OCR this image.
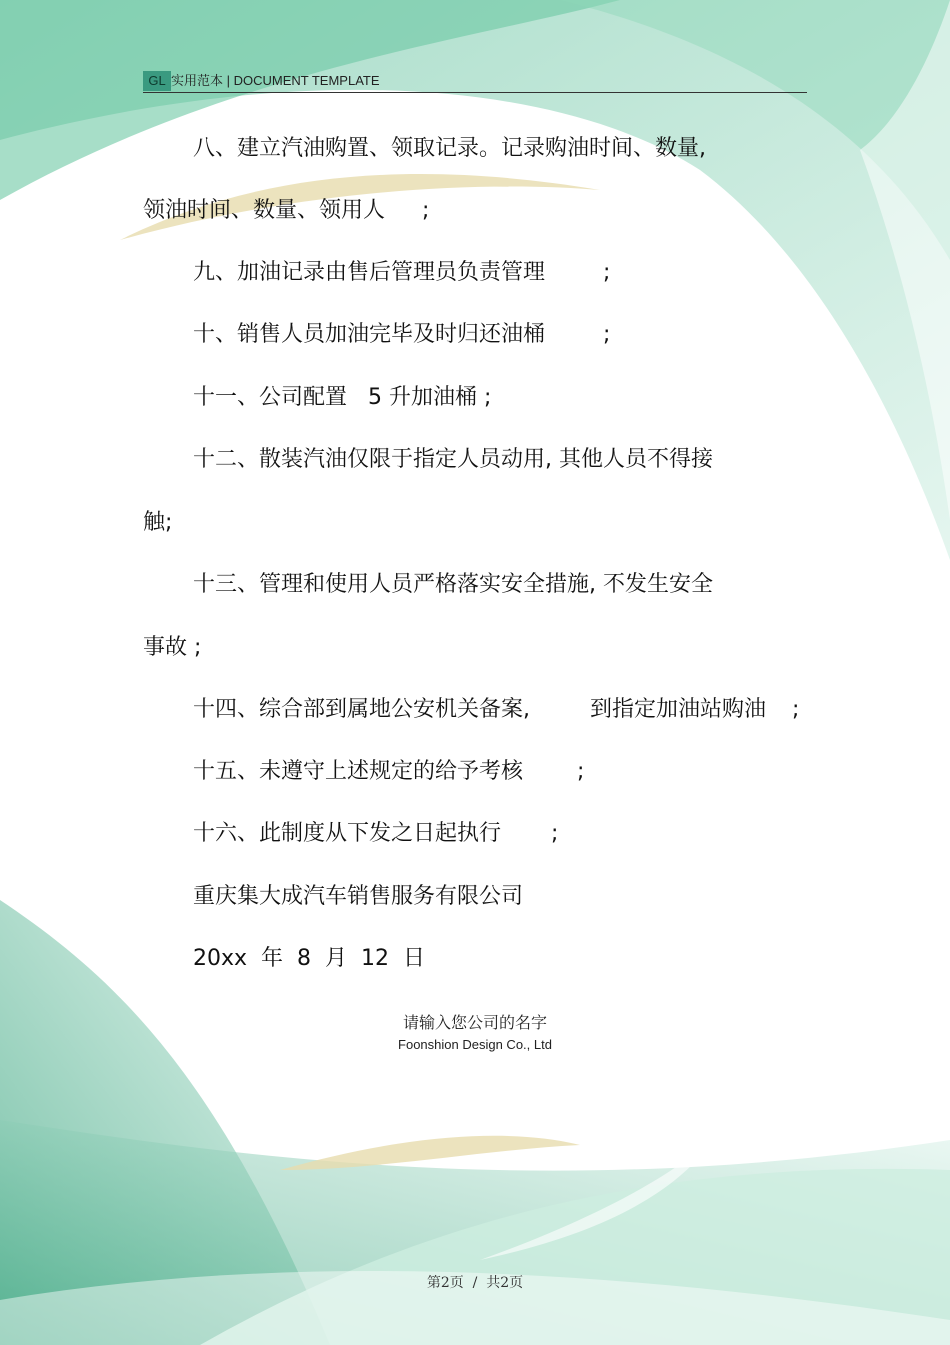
GL 实用范本 | DOCUMENT TEMPLATE
八、建立汽油购置、领取记录。记录购油时间、数量,
领油时间、数量、领用人 ;
九、加油记录由售后管理员负责管理	;
十、销售人员加油完毕及时归还油桶	;
十一、公司配置   5 升加油桶 ;
十二、散装汽油仅限于指定人员动用, 其他人员不得接
触;
十三、管理和使用人员严格落实安全措施, 不发生安全
事故 ;
十四、综合部到属地公安机关备案,	到指定加油站购油 ;
十五、未遵守上述规定的给予考核 ;
十六、此制度从下发之日起执行 ;
重庆集大成汽车销售服务有限公司
20xx  年  8  月  12  日
请输入您公司的名字
Foonshion Design Co., Ltd
第2页  /  共2页
